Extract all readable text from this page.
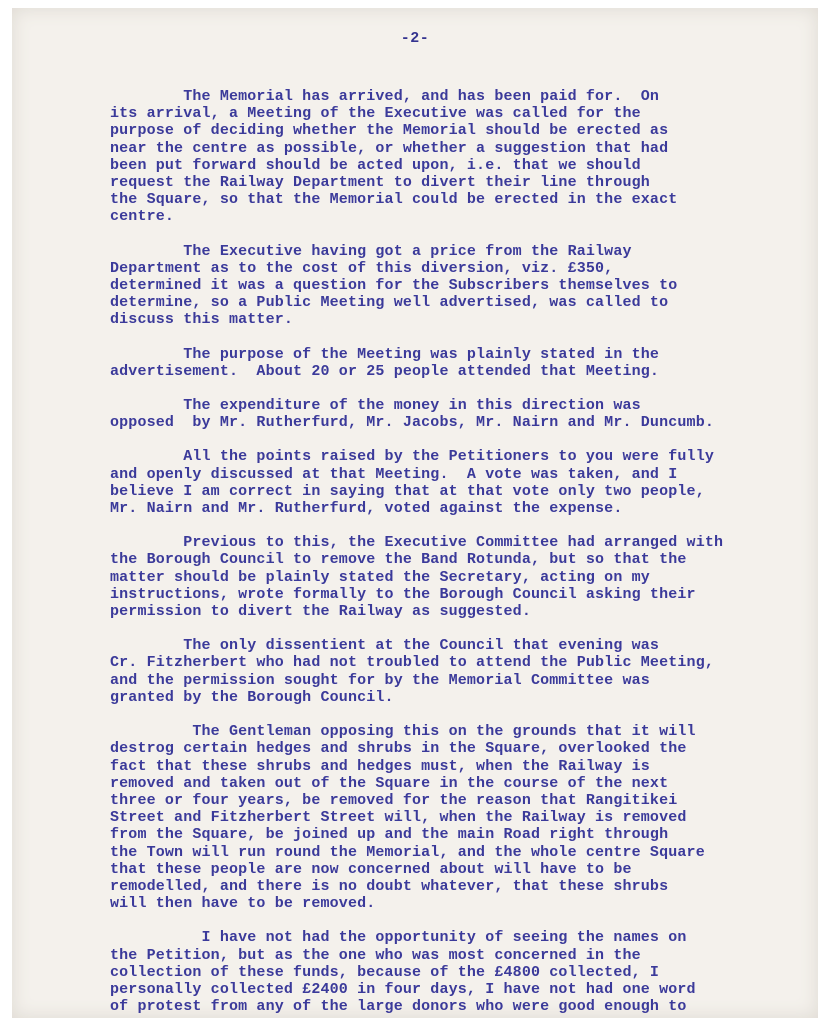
-2-
The Memorial has arrived, and has been paid for.  On
its arrival, a Meeting of the Executive was called for the
purpose of deciding whether the Memorial should be erected as
near the centre as possible, or whether a suggestion that had
been put forward should be acted upon, i.e. that we should
request the Railway Department to divert their line through
the Square, so that the Memorial could be erected in the exact
centre.
The Executive having got a price from the Railway
Department as to the cost of this diversion, viz. £350,
determined it was a question for the Subscribers themselves to
determine, so a Public Meeting well advertised, was called to
discuss this matter.
The purpose of the Meeting was plainly stated in the
advertisement.  About 20 or 25 people attended that Meeting.
The expenditure of the money in this direction was
opposed  by Mr. Rutherfurd, Mr. Jacobs, Mr. Nairn and Mr. Duncumb.
All the points raised by the Petitioners to you were fully
and openly discussed at that Meeting.  A vote was taken, and I
believe I am correct in saying that at that vote only two people,
Mr. Nairn and Mr. Rutherfurd, voted against the expense.
Previous to this, the Executive Committee had arranged with
the Borough Council to remove the Band Rotunda, but so that the
matter should be plainly stated the Secretary, acting on my
instructions, wrote formally to the Borough Council asking their
permission to divert the Railway as suggested.
The only dissentient at the Council that evening was
Cr. Fitzherbert who had not troubled to attend the Public Meeting,
and the permission sought for by the Memorial Committee was
granted by the Borough Council.
The Gentleman opposing this on the grounds that it will
destrog certain hedges and shrubs in the Square, overlooked the
fact that these shrubs and hedges must, when the Railway is
removed and taken out of the Square in the course of the next
three or four years, be removed for the reason that Rangitikei
Street and Fitzherbert Street will, when the Railway is removed
from the Square, be joined up and the main Road right through
the Town will run round the Memorial, and the whole centre Square
that these people are now concerned about will have to be
remodelled, and there is no doubt whatever, that these shrubs
will then have to be removed.
I have not had the opportunity of seeing the names on
the Petition, but as the one who was most concerned in the
collection of these funds, because of the £4800 collected, I
personally collected £2400 in four days, I have not had one word
of protest from any of the large donors who were good enough to
